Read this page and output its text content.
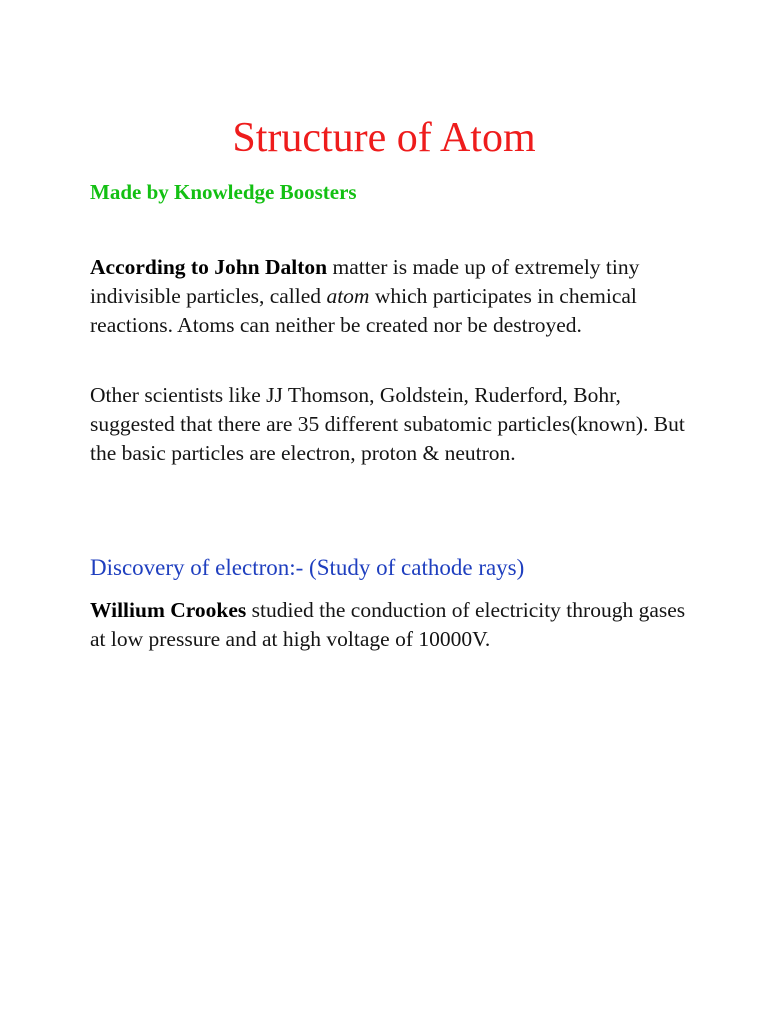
Structure of Atom

Made by Knowledge Boosters

According to John Dalton matter is made up of extremely tiny indivisible particles, called atom which participates in chemical reactions. Atoms can neither be created nor be destroyed.

Other scientists like JJ Thomson, Goldstein, Ruderford, Bohr, suggested that there are 35 different subatomic particles(known). But the basic particles are electron, proton & neutron.

Discovery of electron:- (Study of cathode rays)

Willium Crookes studied the conduction of electricity through gases at low pressure and at high voltage of 10000V.
